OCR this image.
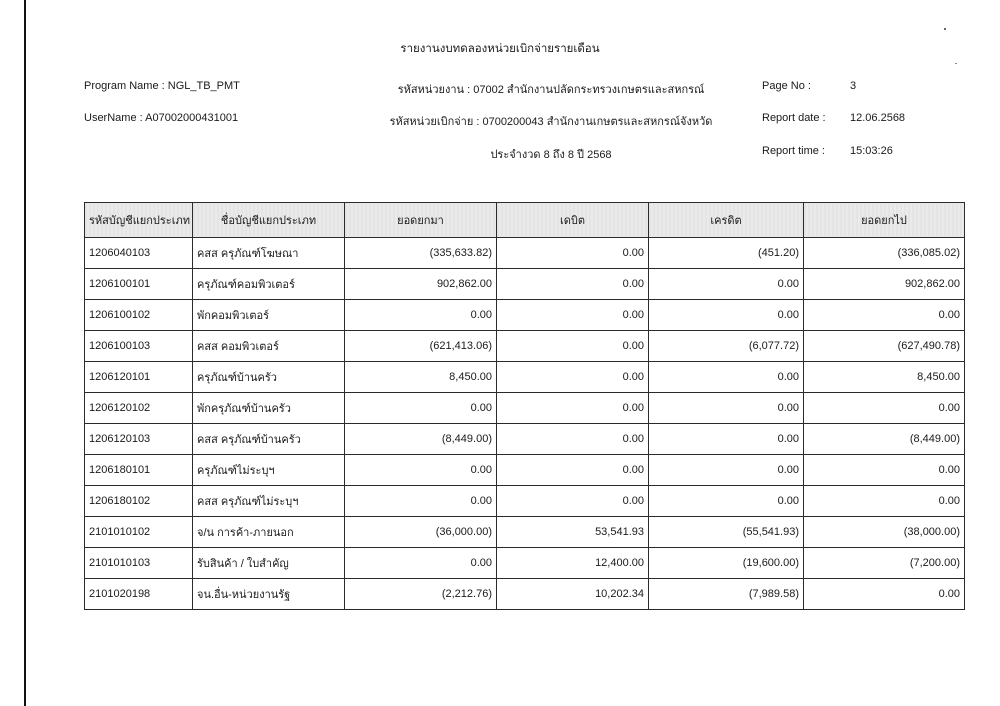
รายงานงบทดลองหน่วยเบิกจ่ายรายเดือน
Program Name : NGL_TB_PMT
UserName : A07002000431001
รหัสหน่วยงาน : 07002 สำนักงานปลัดกระทรวงเกษตรและสหกรณ์
รหัสหน่วยเบิกจ่าย : 0700200043 สำนักงานเกษตรและสหกรณ์จังหวัด
ประจำงวด 8 ถึง 8 ปี 2568
Page No :	3
Report date : 12.06.2568
Report time : 15:03:26
รหัสบัญชีแยกประเภท	ชื่อบัญชีแยกประเภท	ยอดยกมา	เดบิต	เครดิต	ยอดยกไป
1206040103	คสส ครุภัณฑ์โฆษณา	(335,633.82)	0.00	(451.20)	(336,085.02)
1206100101	ครุภัณฑ์คอมพิวเตอร์	902,862.00	0.00	0.00	902,862.00
1206100102	พักคอมพิวเตอร์	0.00	0.00	0.00	0.00
1206100103	คสส คอมพิวเตอร์	(621,413.06)	0.00	(6,077.72)	(627,490.78)
1206120101	ครุภัณฑ์บ้านครัว	8,450.00	0.00	0.00	8,450.00
1206120102	พักครุภัณฑ์บ้านครัว	0.00	0.00	0.00	0.00
1206120103	คสส ครุภัณฑ์บ้านครัว	(8,449.00)	0.00	0.00	(8,449.00)
1206180101	ครุภัณฑ์ไม่ระบุฯ	0.00	0.00	0.00	0.00
1206180102	คสส ครุภัณฑ์ไม่ระบุฯ	0.00	0.00	0.00	0.00
2101010102	จ/น การค้า-ภายนอก	(36,000.00)	53,541.93	(55,541.93)	(38,000.00)
2101010103	รับสินค้า / ใบสำคัญ	0.00	12,400.00	(19,600.00)	(7,200.00)
2101020198	จน.อื่น-หน่วยงานรัฐ	(2,212.76)	10,202.34	(7,989.58)	0.00
